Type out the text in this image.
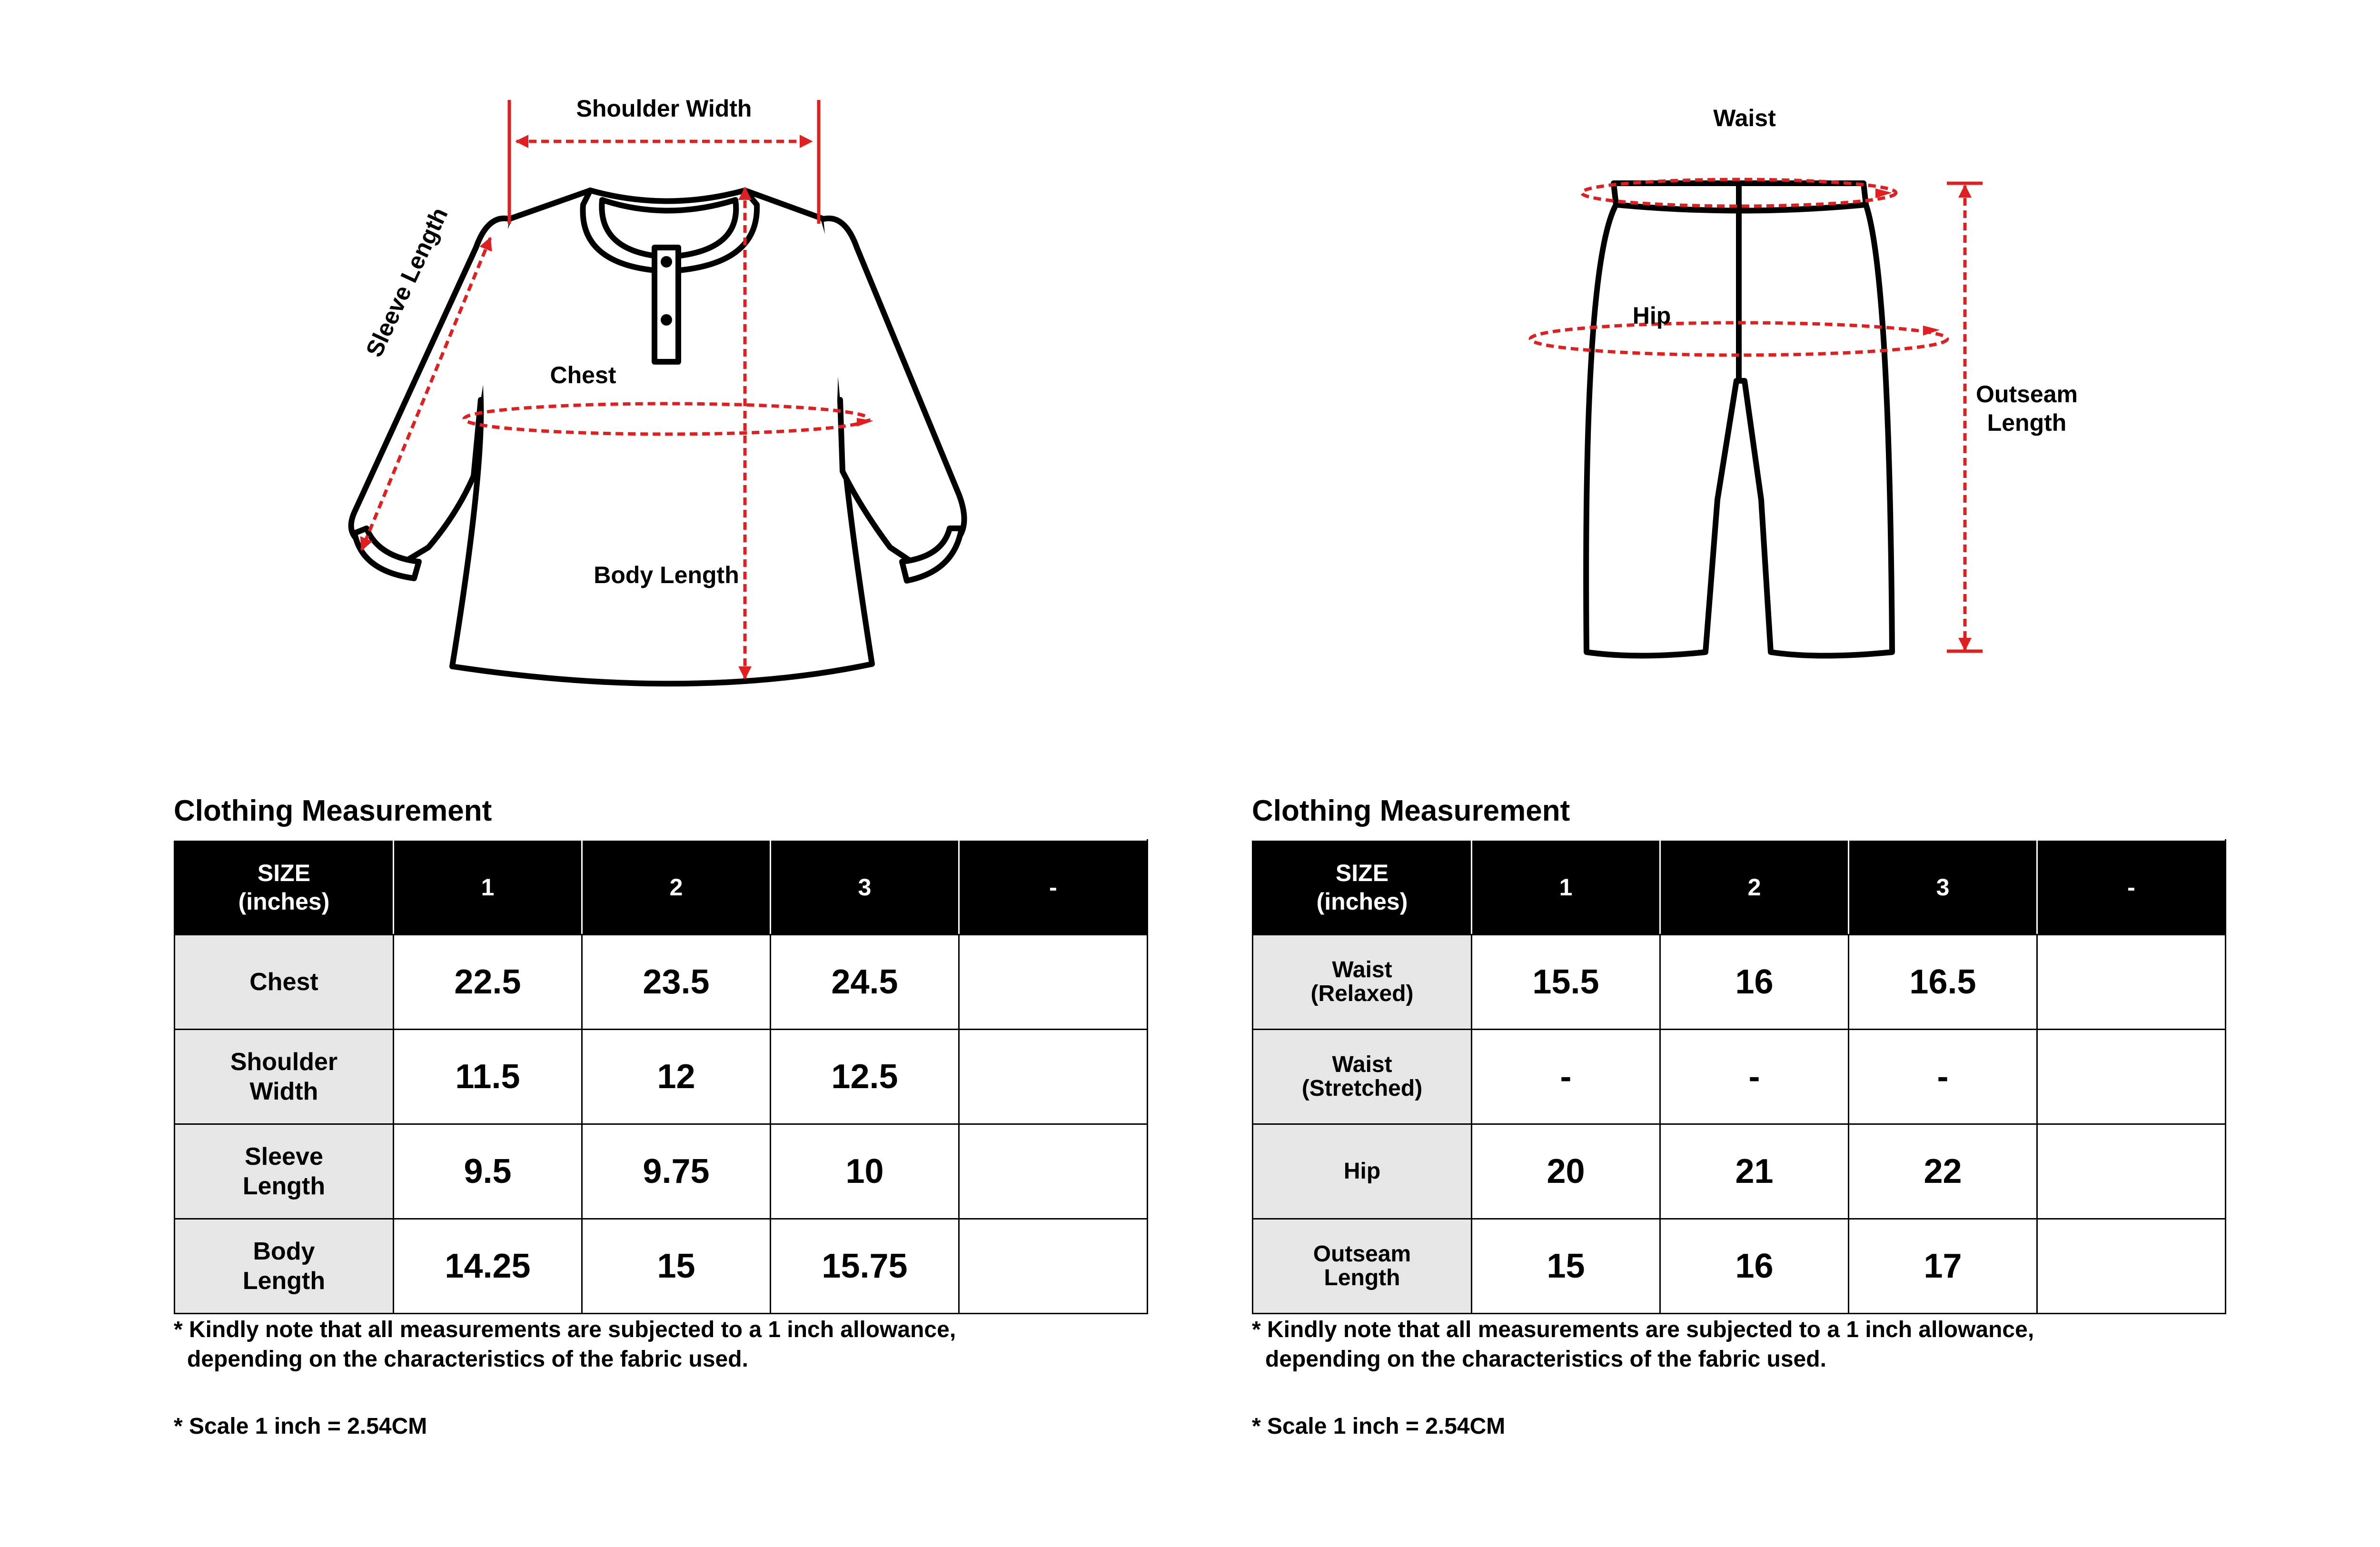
Shoulder Width
Sleeve Length
Chest
Body Length
Waist
Hip
Outseam
Length
Clothing Measurement
SIZE
(inches)	1	2	3	-

Chest	22.5	23.5	24.5	

Shoulder
Width	11.5	12	12.5	

Sleeve
Length	9.5	9.75	10	

Body
Length	14.25	15	15.75	
* Kindly note that all measurements are subjected to a 1 inch allowance,
depending on the characteristics of the fabric used.
* Scale 1 inch = 2.54CM
Clothing Measurement
SIZE
(inches)	1	2	3	-

Waist
(Relaxed)	15.5	16	16.5	

Waist
(Stretched)	-	-	-	

Hip	20	21	22	

Outseam
Length	15	16	17	
* Kindly note that all measurements are subjected to a 1 inch allowance,
depending on the characteristics of the fabric used.
* Scale 1 inch = 2.54CM
